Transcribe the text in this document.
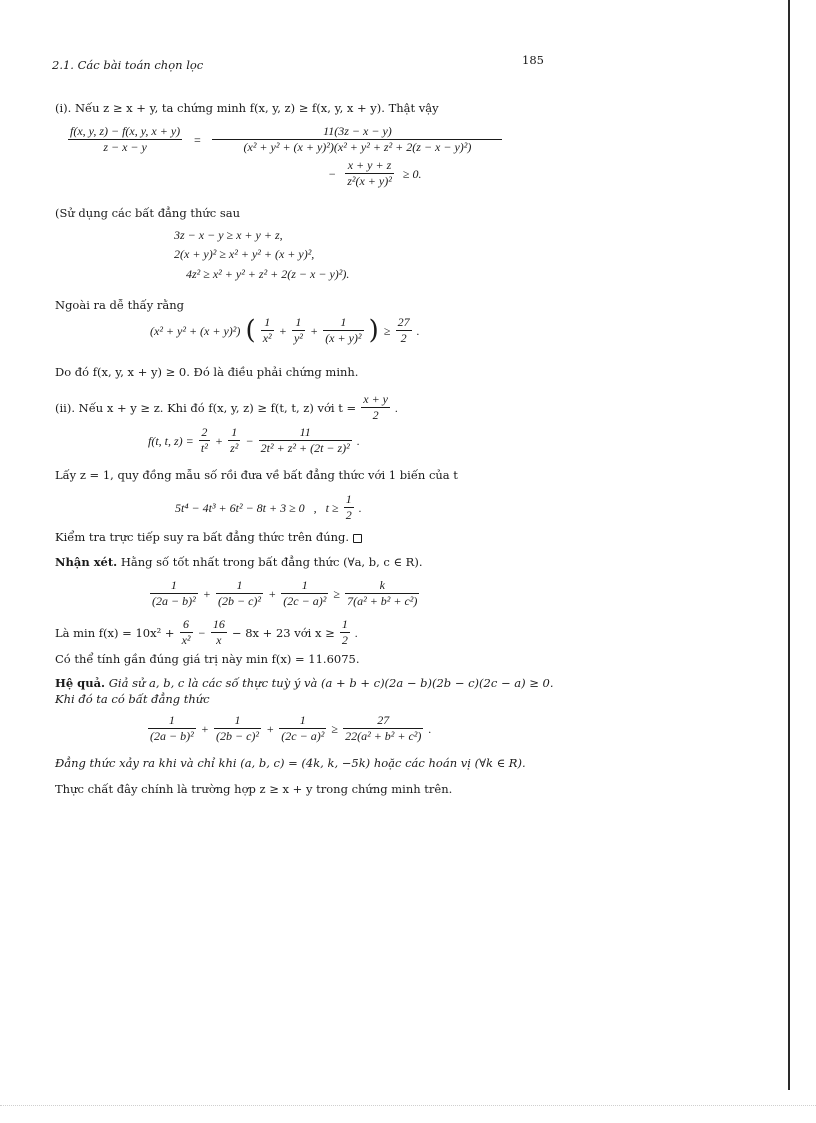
2.1. Các bài toán chọn lọc	185
(i). Nếu z ≥ x + y, ta chứng minh f(x, y, z) ≥ f(x, y, x + y). Thật vậy
$\frac{f(x, y, z) - f(x, y, x + y)}{z - x - y} = \frac{11(3z - x - y)}{\text{(x² + y² + (x + y)²)(x² + y² + z² + 2(z − x − y)²)}}$
− $\frac{x + y + z}{\text{z²(x + y)²}} \ge 0$.
(Sử dụng các bất đẳng thức sau
3z − x − y ≥ x + y + z,
2(x + y)² ≥ x² + y² + (x + y)²,
4z² ≥ x² + y² + z² + 2(z − x − y)²).
Ngoài ra dễ thấy rằng
(x² + y² + (x + y)²) ( $\frac{1}{\text{x²}} + \frac{1}{\text{y²}} + \frac{1}{\text{(x + y)²}}$ ) ≥ $\frac{27}{2}$ .
Do đó f(x, y, x + y) ≥ 0. Đó là điều phải chứng minh.
(ii). Nếu x + y ≥ z. Khi đó f(x, y, z) ≥ f(t, t, z) với $t = \frac{x + y}{2}$ .
f(t, t, $z) = \frac{2}{\text{t²}} + \frac{1}{\text{z²}} - \frac{11}{\text{2t² + z² + (2t − z)²}}$ .
Lấy z = 1, quy đồng mẫu số rồi đưa về bất đẳng thức với 1 biến của t
5t⁴ − 4t³ + 6t² − 8t + 3 ≥ 0   ,   $t \ge \frac{1}{2}$ .
Kiểm tra trực tiếp suy ra bất đẳng thức trên đúng.
Nhận xét. Hằng số tốt nhất trong bất đẳng thức (∀a, b, c ∈ R).
$\frac{1}{\text{(2a − b)²}} + \frac{1}{\text{(2b − c)²}} + \frac{1}{\text{(2c − a)²}} \ge \frac{k}{\text{7(a² + b² + c²)}}$
Là $\min f(x) = 10x^2 + \frac{6}{\text{x²}} - \frac{16}{x} - 8x + 23$ với $x \ge \frac{1}{2}$ .
Có thể tính gần đúng giá trị này min f(x) = 11.6075.
Hệ quả. Giả sử a, b, c là các số thực tuỳ ý và (a + b + c)(2a − b)(2b − c)(2c − a) ≥ 0.
Khi đó ta có bất đẳng thức
$\frac{1}{\text{(2a − b)²}} + \frac{1}{\text{(2b − c)²}} + \frac{1}{\text{(2c − a)²}} \ge \frac{27}{\text{22(a² + b² + c²)}}$ .
Đẳng thức xảy ra khi và chỉ khi (a, b, c) = (4k, k, −5k) hoặc các hoán vị (∀k ∈ R).
Thực chất đây chính là trường hợp z ≥ x + y trong chứng minh trên.
